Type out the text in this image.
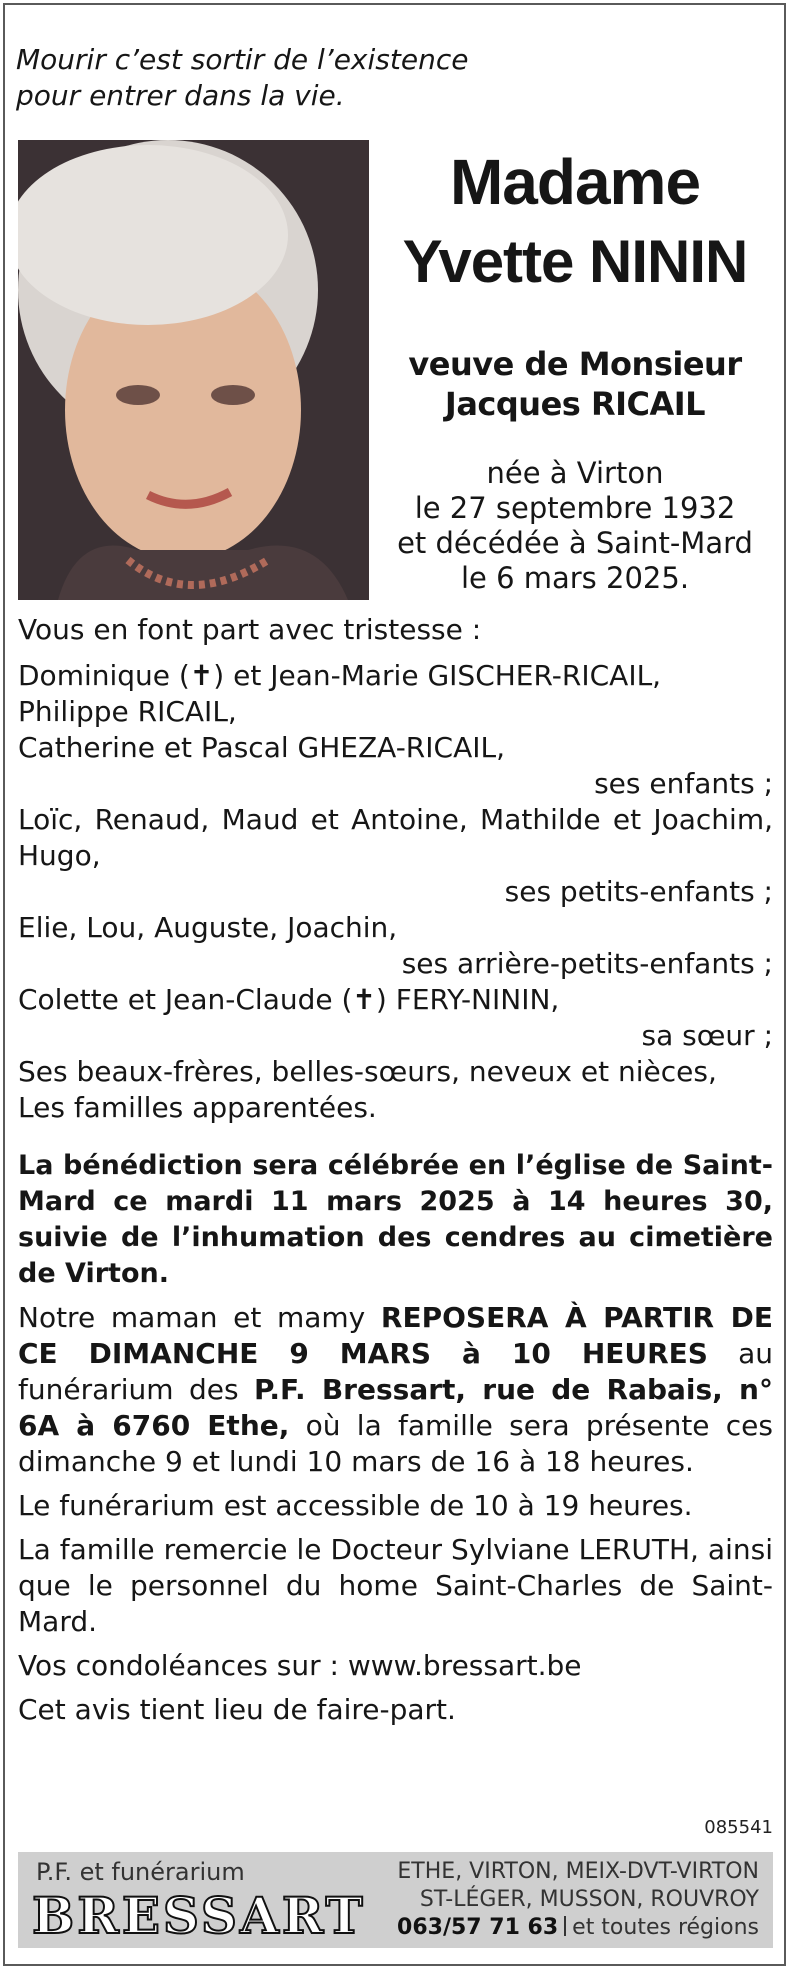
Mourir c’est sortir de l’existence
pour entrer dans la vie.
Madame
Yvette NININ
veuve de Monsieur
Jacques RICAIL
née à Virton
le 27 septembre 1932
et décédée à Saint-Mard
le 6 mars 2025.

Vous en font part avec tristesse :

Dominique (✝) et Jean-Marie GISCHER-RICAIL,

Philippe RICAIL,

Catherine et Pascal GHEZA-RICAIL,

ses enfants ;

Loïc, Renaud, Maud et Antoine, Mathilde et Joachim, Hugo,

ses petits-enfants ;

Elie, Lou, Auguste, Joachin,

ses arrière-petits-enfants ;

Colette et Jean-Claude (✝) FERY-NININ,

sa sœur ;

Ses beaux-frères, belles-sœurs, neveux et nièces,

Les familles apparentées.

La bénédiction sera célébrée en l’église de Saint-Mard ce mardi 11 mars 2025 à 14 heures 30, suivie de l’inhumation des cendres au cimetière de Virton.

Notre maman et mamy REPOSERA À PARTIR DE CE DIMANCHE 9 MARS à 10 HEURES au funérarium des P.F. Bressart, rue de Rabais, n° 6A à 6760 Ethe, où la famille sera présente ces dimanche 9 et lundi 10 mars de 16 à 18 heures.

Le funérarium est accessible de 10 à 19 heures.

La famille remercie le Docteur Sylviane LERUTH, ainsi que le personnel du home Saint-Charles de Saint-Mard.

Vos condoléances sur : www.bressart.be

Cet avis tient lieu de faire-part.

085541
P.F. et funérarium
BRESSART
ETHE, VIRTON, MEIX-DVT-VIRTON
ST-LÉGER, MUSSON, ROUVROY
063/57 71 63 et toutes régions
